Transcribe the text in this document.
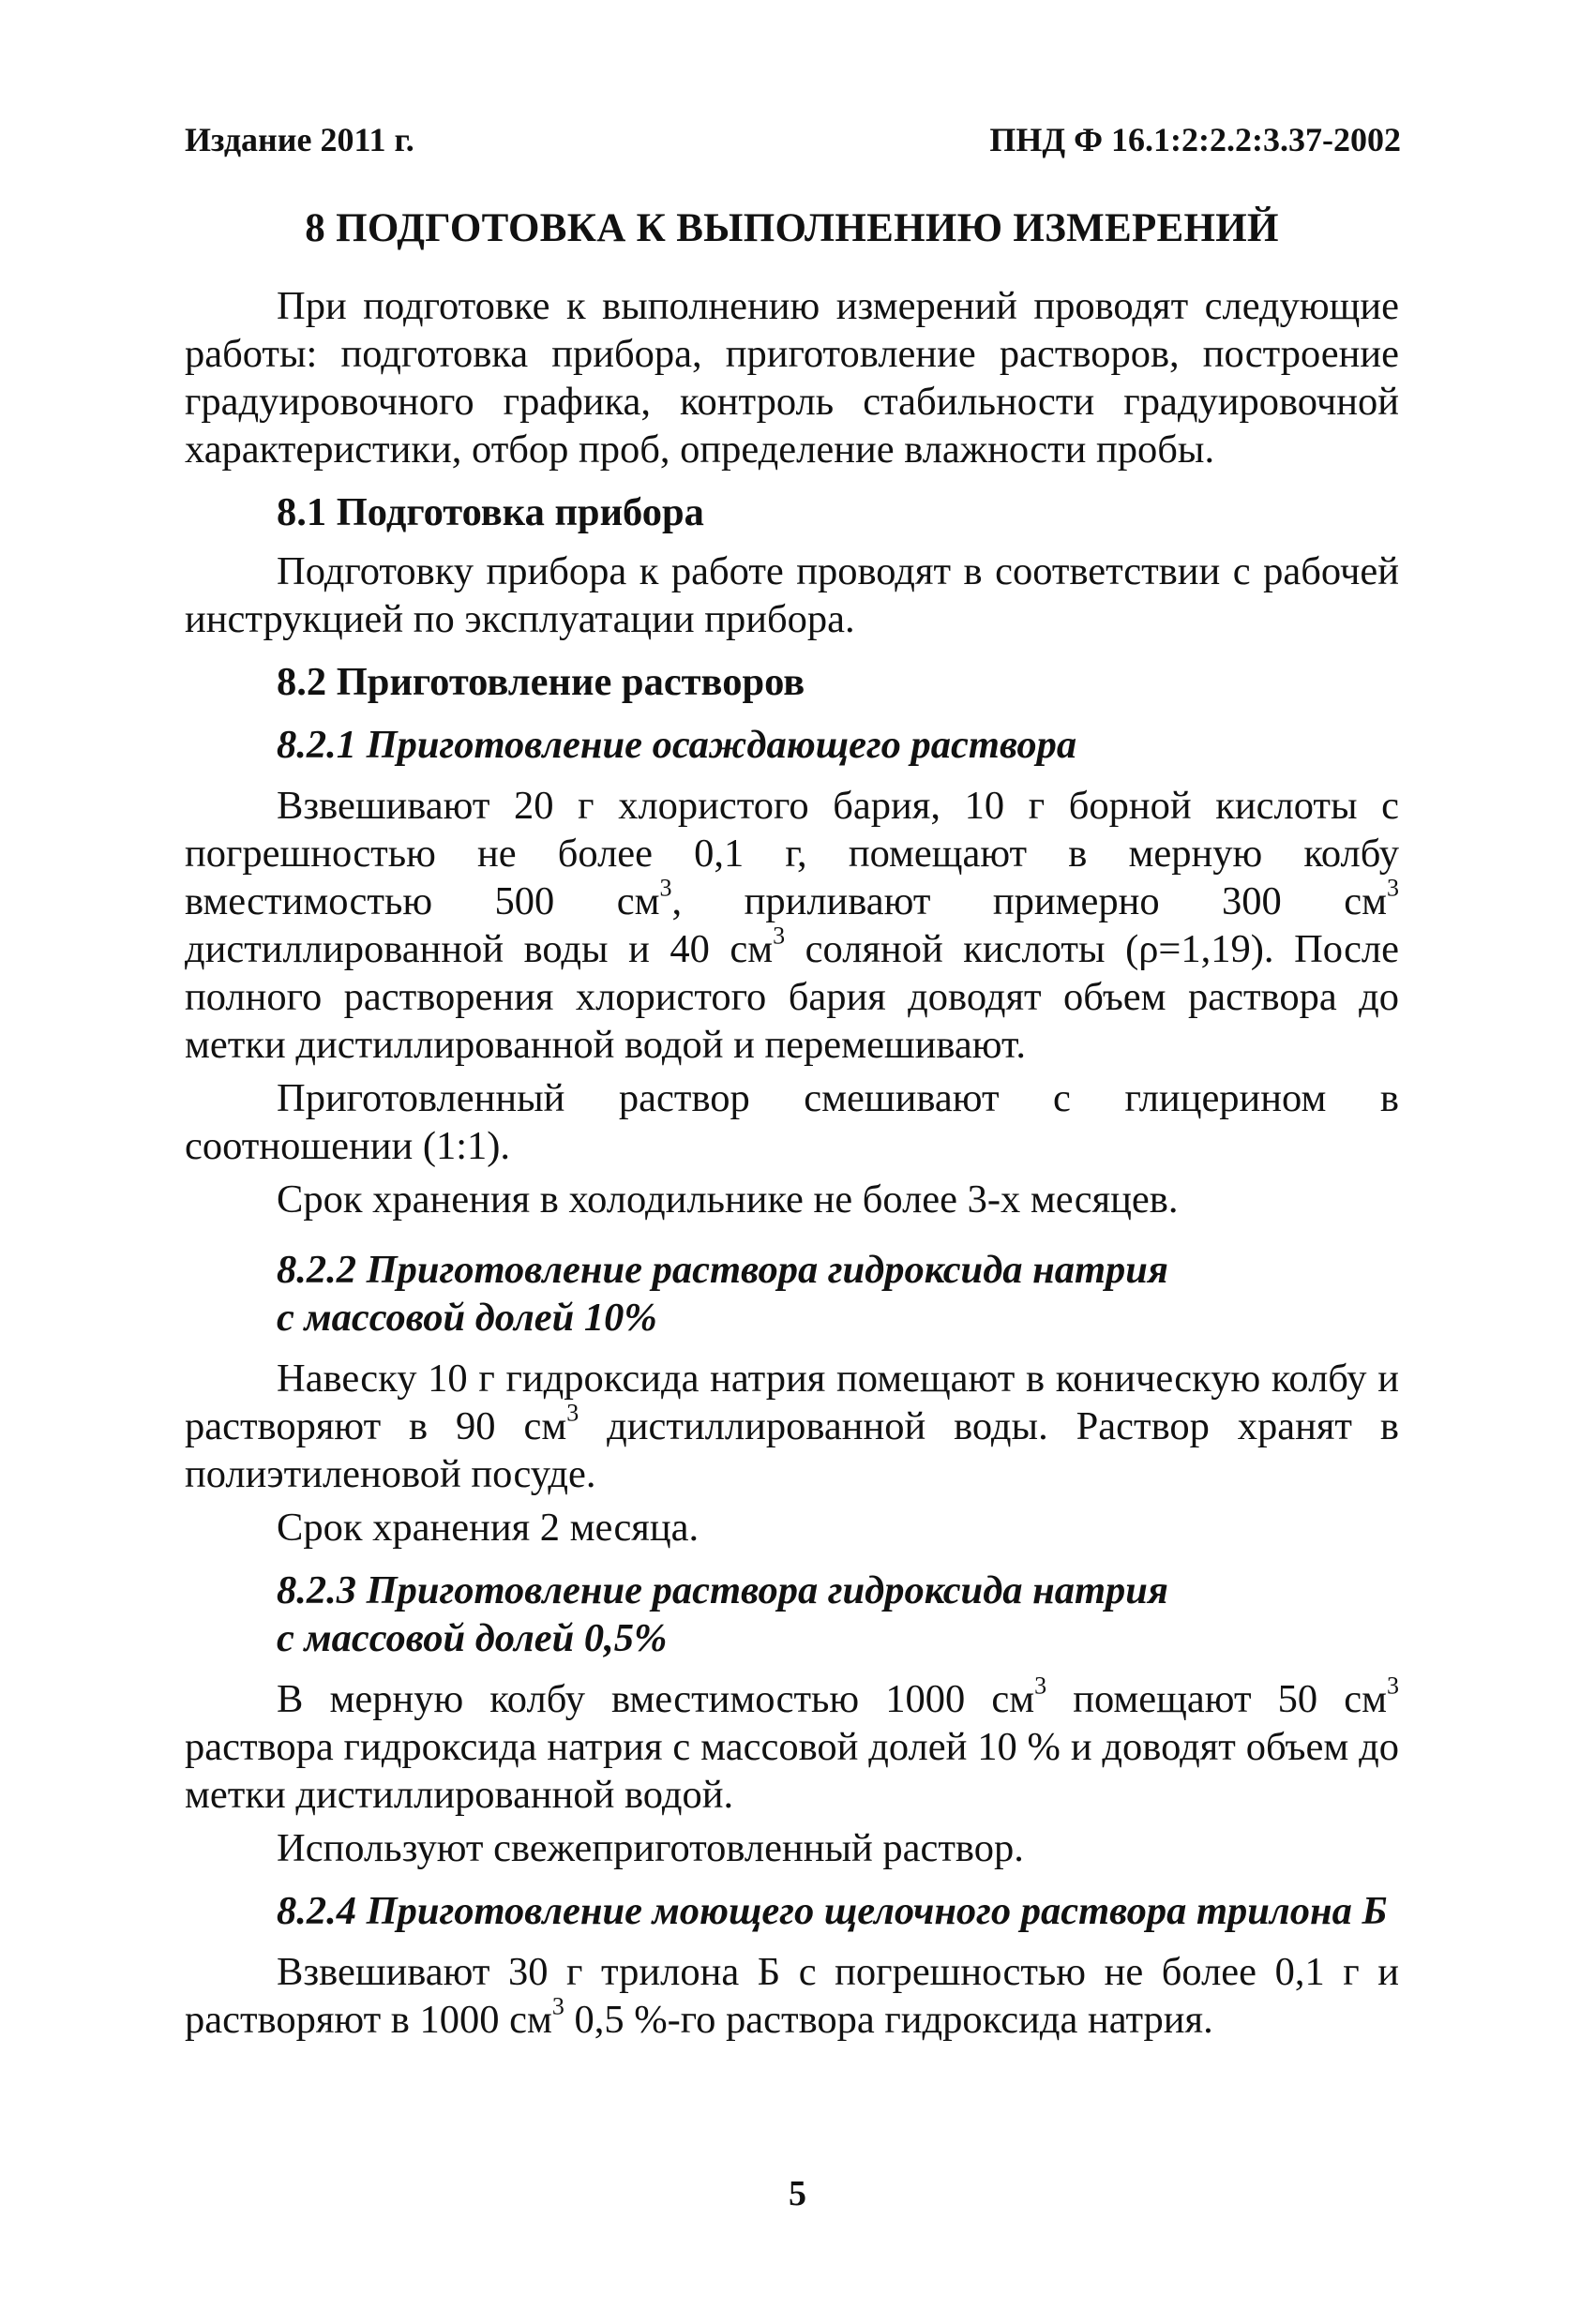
Издание 2011 г.	ПНД Ф 16.1:2:2.2:3.37-2002
8 ПОДГОТОВКА К ВЫПОЛНЕНИЮ ИЗМЕРЕНИЙ

При подготовке к выполнению измерений проводят следующие работы: подготовка прибора, приготовление растворов, построение градуировочного графика, контроль стабильности градуировочной характеристики, отбор проб, определение влажности пробы.

8.1 Подготовка прибора

Подготовку прибора к работе проводят в соответствии с рабочей инструкцией по эксплуатации прибора.

8.2 Приготовление растворов
8.2.1 Приготовление осаждающего раствора

Взвешивают 20 г хлористого бария, 10 г борной кислоты с погрешностью не более 0,1 г, помещают в мерную колбу вместимостью 500 $см^3$, приливают примерно 300 $см^3$ дистиллированной воды и 40 $см^3$ соляной кислоты (ρ=1,19). После полного растворения хлористого бария доводят объем раствора до метки дистиллированной водой и перемешивают.

Приготовленный раствор смешивают с глицерином в соотношении (1:1).

Срок хранения в холодильнике не более 3-х месяцев.

8.2.2 Приготовление раствора гидроксида натрия
с массовой долей 10%

Навеску 10 г гидроксида натрия помещают в коническую колбу и растворяют в 90 $см^3$ дистиллированной воды. Раствор хранят в полиэтиленовой посуде.

Срок хранения 2 месяца.

8.2.3 Приготовление раствора гидроксида натрия
с массовой долей 0,5%

В мерную колбу вместимостью 1000 $см^3$ помещают 50 $см^3$ раствора гидроксида натрия с массовой долей 10 % и доводят объем до метки дистиллированной водой.

Используют свежеприготовленный раствор.

8.2.4 Приготовление моющего щелочного раствора трилона Б

Взвешивают 30 г трилона Б с погрешностью не более 0,1 г и растворяют в 1000 $см^3$ 0,5 %-го раствора гидроксида натрия.

5
